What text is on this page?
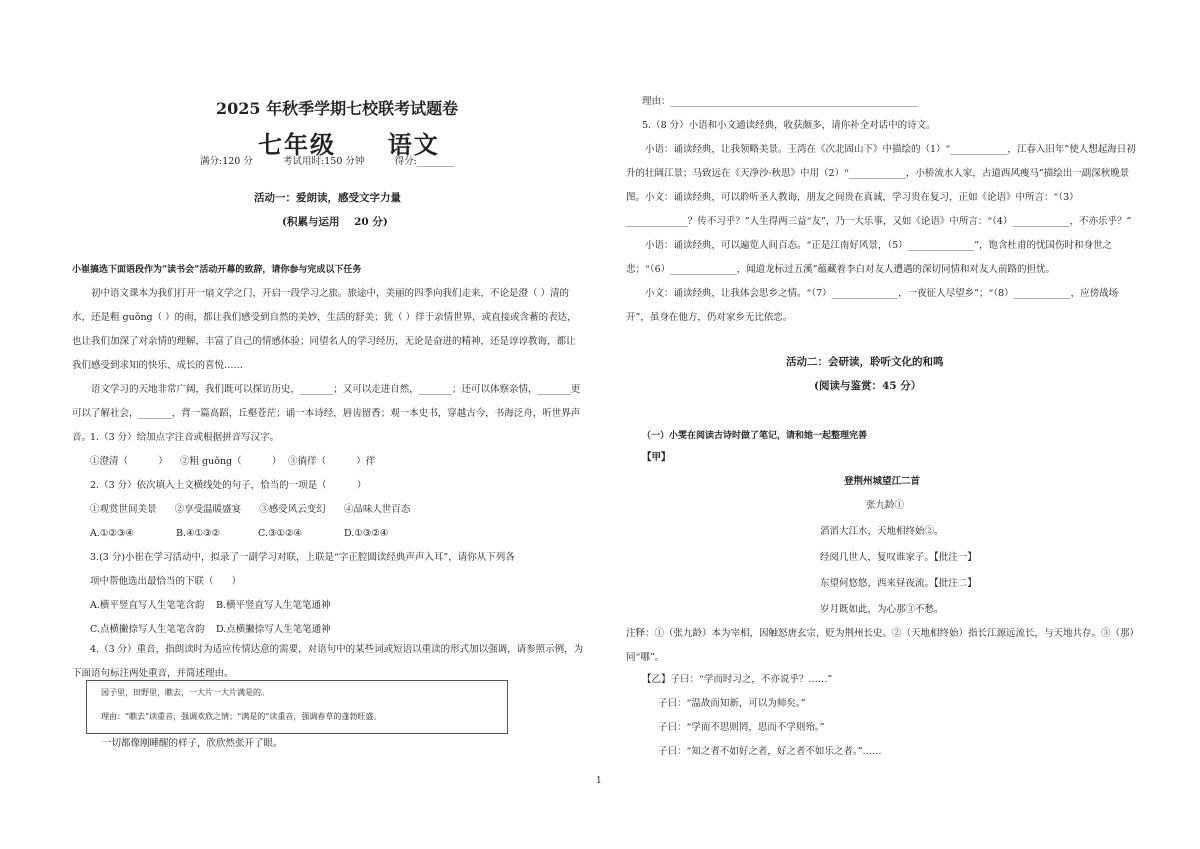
2025 年秋季学期七校联考试题卷
七年级     语文
满分:120 分          考试用时:150 分钟          得分:________
活动一：爱朗读，感受文字力量
(积累与运用    20 分)
小崔搞选下面语段作为“读书会”活动开幕的致辞，请你参与完成以下任务
初中语文课本为我们打开一扇文学之门，开启一段学习之旅。旅途中，美丽的四季向我们走来，不论是澄（ ）清的水，还是粗 guǒng（ ）的雨，都让我们感受到自然的美妙，生活的舒美；犹（ ）徉于亲情世界，或直接或含蓄的表达，也让我们加深了对亲情的理解，丰富了自己的情感体验；同望名人的学习经历，无论是奋进的精神，还是谆谆教诲，都让我们感受到求知的快乐、成长的喜悦……
语文学习的天地非常广阔，我们既可以探访历史，_______；又可以走进自然，_______；还可以体察亲情，_______更可以了解社会，_______，背一篇高蹈，丘壑苍茫；诵一本诗经，唇齿留香；观一本史书，穿越古今，书海泛舟，听世界声音。
1.（3 分）给加点字注音或根据拼音写汉字。
①澄清（          ） ②粗 guǒng（          ） ③徜徉（          ）徉
2.（3 分）依次填入上文横线处的句子，恰当的一项是（          ）
①观赏世间美景      ②享受温暖盛宴      ③感受风云变幻      ④品味人世百态
A.①②③④	B.④①③②	C.③①②④	D.①③②④
3.(3 分)小崔在学习活动中，拟录了一副学习对联，上联是“字正腔圆读经典声声入耳”，请你从下列各
项中帮他选出最恰当的下联（      ）
A.横平竖直写人生笔笔含韵 B.横平竖直写人生笔笔通神
C.点横撇捺写人生笔笔含韵 D.点横撇捺写人生笔笔通神
4.（3 分）重音，指朗读时为适应传情达意的需要，对语句中的某些词或短语以重读的形式加以强调，请参照示例，为下面语句标注两处重音，并简述理由。
园子里，田野里，瞧去，一大片一大片满是的。
理由：“瞧去”读重音，强调欢欣之情；“满是的”读重音，强调春草的蓬勃旺盛。
一切都像刚睡醒的样子，欣欣然张开了眼。
理由：____________________________________________________
5.（8 分）小语和小文通读经典，收获颇多，请你补全对话中的诗文。
小语：诵读经典，让我领略美景。王湾在《次北固山下》中描绘的（1）“____________，江春入旧年”使人想起海日初升的壮阔江景；马致远在《天净沙·秋思》中用（2）“____________，小桥流水人家，古道西风瘦马”描绘出一副深秋晚景图。 小文：诵读经典，可以聆听圣人教诲，朋友之间贵在真诚，学习贵在复习，正如《论语》中所言：“（3）_____________？传不习乎？”人生得两三益“友”，乃一大乐事，又如《论语》中所言：“（4）____________，不亦乐乎？”
小语：诵读经典，可以遍览人间百态。“正是江南好风景，（5）______________”，饱含杜甫的忧国伤时和身世之悲；“（6）______________，闻道龙标过五溪”蕴藏着李白对友人遭遇的深切同情和对友人前路的担忧。
小文：诵读经典，让我体会思乡之情。“（7）______________，一夜征人尽望乡”；“（8）____________，应傍战场开”，虽身在他方，仍对家乡无比依恋。
活动二：会研读，聆听文化的和鸣
(阅读与鉴赏：45 分）
（一）小雯在阅读古诗时做了笔记，请和她一起整理完善
【甲】
登荆州城望江二首
张九龄①
滔滔大江水，天地相终始②。
经阅几世人，复叹谁家子。【批注一】
东望何悠悠，西来昼夜流。【批注二】
岁月既如此，为心那③不愁。
注释：①（张九龄）本为宰相，因触怒唐玄宗，贬为荆州长史。②（天地相终始）指长江源远流长，与天地共存。③（那）同“哪”。
【乙】子曰：“学而时习之，不亦说乎？……”
子曰：“温故而知新，可以为师矣。”
子曰：“学而不思则罔，思而不学则殆。”
子曰：“知之者不如好之者，好之者不如乐之者。”……
1
